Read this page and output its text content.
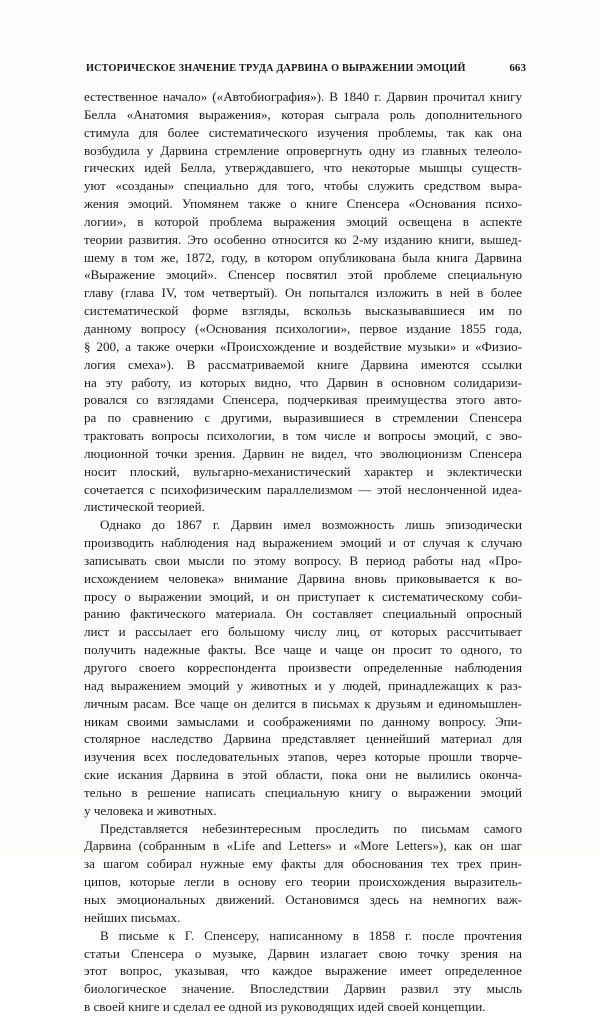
ИСТОРИЧЕСКОЕ ЗНАЧЕНИЕ ТРУДА ДАРВИНА О ВЫРАЖЕНИИ ЭМОЦИЙ	663
естественное начало» («Автобиография»). В 1840 г. Дарвин прочитал книгу
Белла «Анатомия выражения», которая сыграла роль дополнительного
стимула для более систематического изучения проблемы, так как она
возбудила у Дарвина стремление опровергнуть одну из главных телеоло-
гических идей Белла, утверждавшего, что некоторые мышцы существ-
уют «созданы» специально для того, чтобы служить средством выра-
жения эмоций. Упомянем также о книге Спенсера «Основания психо-
логии», в которой проблема выражения эмоций освещена в аспекте
теории развития. Это особенно относится ко 2-му изданию книги, вышед-
шему в том же, 1872, году, в котором опубликована была книга Дарвина
«Выражение эмоций». Спенсер посвятил этой проблеме специальную
главу (глава IV, том четвертый). Он попытался изложить в ней в более
систематической форме взгляды, вскользь высказывавшиеся им по
данному вопросу («Основания психологии», первое издание 1855 года,
§ 200, а также очерки «Происхождение и воздействие музыки» и «Физио-
логия смеха»). В рассматриваемой книге Дарвина имеются ссылки
на эту работу, из которых видно, что Дарвин в основном солидаризи-
ровался со взглядами Спенсера, подчеркивая преимущества этого авто-
ра по сравнению с другими, выразившиеся в стремлении Спенсера
трактовать вопросы психологии, в том числе и вопросы эмоций, с эво-
люционной точки зрения. Дарвин не видел, что эволюционизм Спенсера
носит плоский, вульгарно-механистический характер и эклектически
сочетается с психофизическим параллелизмом — этой неслонченной идеа-
листической теорией.
Однако до 1867 г. Дарвин имел возможность лишь эпизодически
производить наблюдения над выражением эмоций и от случая к случаю
записывать свои мысли по этому вопросу. В период работы над «Про-
исхождением человека» внимание Дарвина вновь приковывается к во-
просу о выражении эмоций, и он приступает к систематическому соби-
ранию фактического материала. Он составляет специальный опросный
лист и рассылает его большому числу лиц, от которых рассчитывает
получить надежные факты. Все чаще и чаще он просит то одного, то
другого своего корреспондента произвести определенные наблюдения
над выражением эмоций у животных и у людей, принадлежащих к раз-
личным расам. Все чаще он делится в письмах к друзьям и единомышлен-
никам своими замыслами и соображениями по данному вопросу. Эпи-
столярное наследство Дарвина представляет ценнейший материал для
изучения всех последовательных этапов, через которые прошли творче-
ские искания Дарвина в этой области, пока они не вылились оконча-
тельно в решение написать специальную книгу о выражении эмоций
у человека и животных.
Представляется небезинтересным проследить по письмам самого
Дарвина (собранным в «Life and Letters» и «More Letters»), как он шаг
за шагом собирал нужные ему факты для обоснования тех трех прин-
ципов, которые легли в основу его теории происхождения выразитель-
ных эмоциональных движений. Остановимся здесь на немногих важ-
нейших письмах.
В письме к Г. Спенсеру, написанному в 1858 г. после прочтения
статьи Спенсера о музыке, Дарвин излагает свою точку зрения на
этот вопрос, указывая, что каждое выражение имеет определенное
биологическое значение. Впоследствии Дарвин развил эту мысль
в своей книге и сделал ее одной из руководящих идей своей концепции.
